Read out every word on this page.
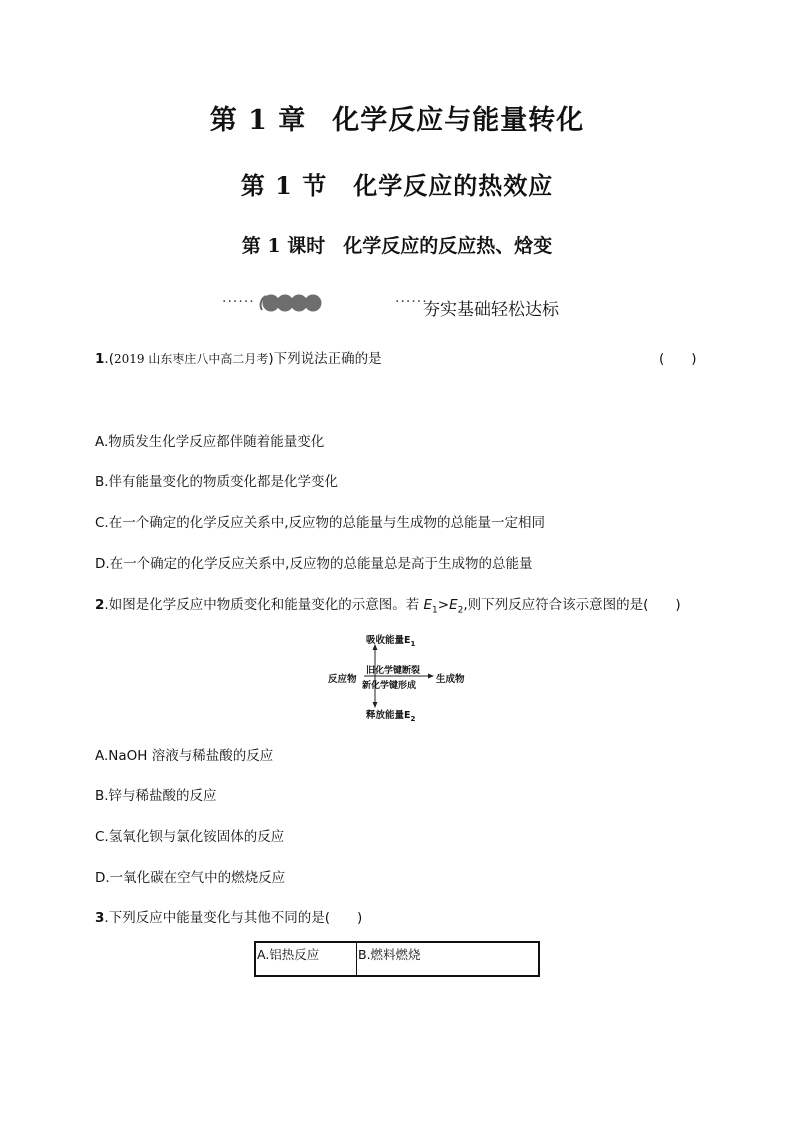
第 1 章 化学反应与能量转化
第 1 节 化学反应的热效应
第 1 课时 化学反应的反应热、焓变
······	······
夯实基础轻松达标
1.(2019 山东枣庄八中高二月考)下列说法正确的是	(　　)
A.物质发生化学反应都伴随着能量变化
B.伴有能量变化的物质变化都是化学变化
C.在一个确定的化学反应关系中,反应物的总能量与生成物的总能量一定相同
D.在一个确定的化学反应关系中,反应物的总能量总是高于生成物的总能量
2.如图是化学反应中物质变化和能量变化的示意图。若 $E_1>E_2$,则下列反应符合该示意图的是(　　)
吸收能量$E_1$
反应物
旧化学键断裂
新化学键形成
生成物
释放能量$E_2$
A.NaOH 溶液与稀盐酸的反应
B.锌与稀盐酸的反应
C.氢氧化钡与氯化铵固体的反应
D.一氧化碳在空气中的燃烧反应
3.下列反应中能量变化与其他不同的是(　　)
A.铝热反应	B.燃料燃烧
